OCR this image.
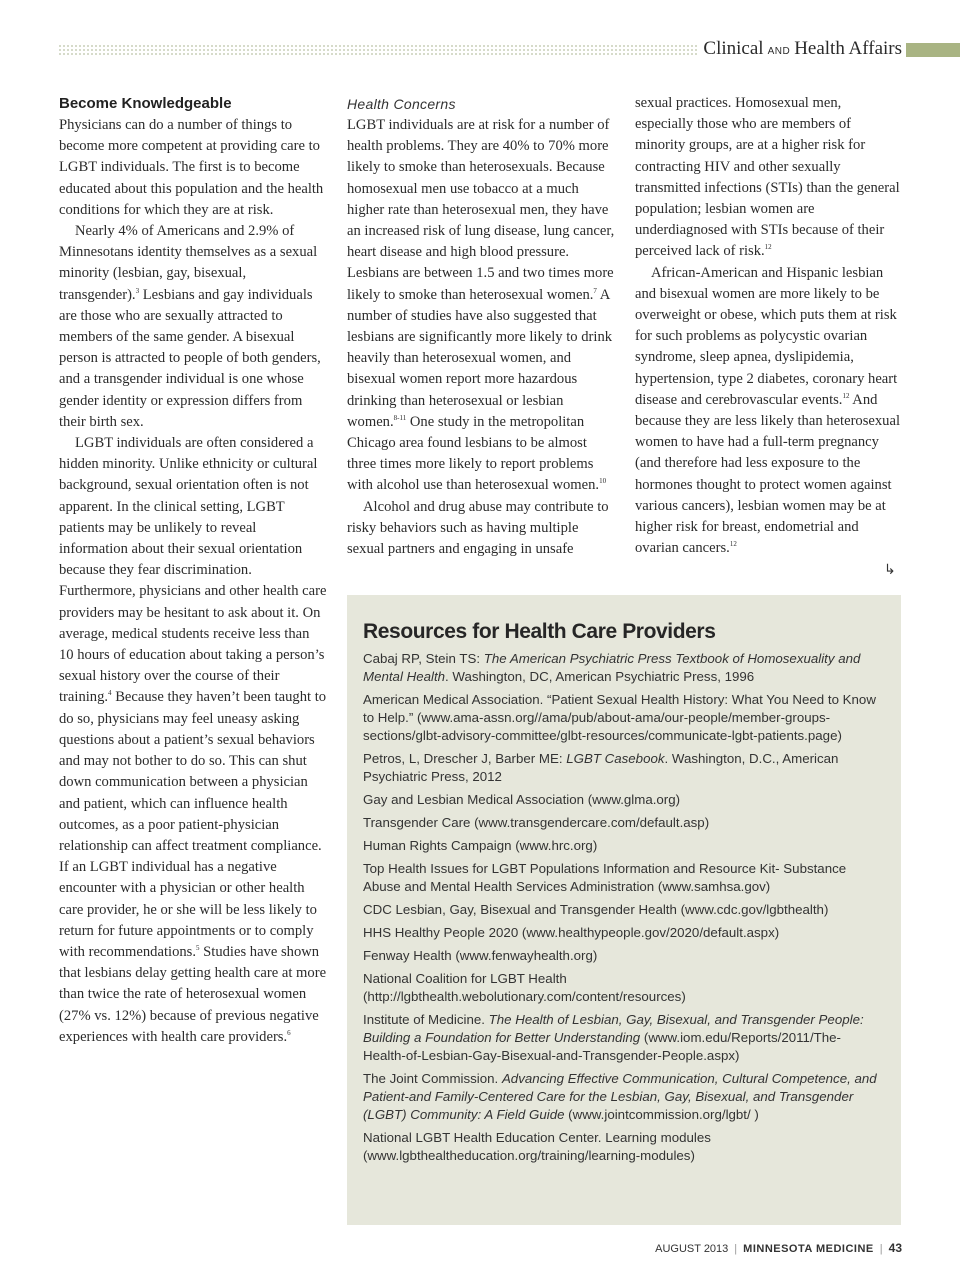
Clinical AND Health Affairs
Become Knowledgeable

Physicians can do a number of things to become more competent at providing care to LGBT individuals. The first is to become educated about this population and the health conditions for which they are at risk.

Nearly 4% of Americans and 2.9% of Minnesotans identity themselves as a sexual minority (lesbian, gay, bisexual, transgender).$^3$ Lesbians and gay individuals are those who are sexually attracted to members of the same gender. A bisexual person is attracted to people of both genders, and a transgender individual is one whose gender identity or expression differs from their birth sex.

LGBT individuals are often considered a hidden minority. Unlike ethnicity or cultural background, sexual orientation often is not apparent. In the clinical setting, LGBT patients may be unlikely to reveal information about their sexual orientation because they fear discrimination. Furthermore, physicians and other health care providers may be hesitant to ask about it. On average, medical students receive less than 10 hours of education about taking a person’s sexual history over the course of their training.$^4$ Because they haven’t been taught to do so, physicians may feel uneasy asking questions about a patient’s sexual behaviors and may not bother to do so. This can shut down communication between a physician and patient, which can influence health outcomes, as a poor patient-physician relationship can affect treatment compliance. If an LGBT individual has a negative encounter with a physician or other health care provider, he or she will be less likely to return for future appointments or to comply with recommendations.$^5$ Studies have shown that lesbians delay getting health care at more than twice the rate of heterosexual women (27% vs. 12%) because of previous negative experiences with health care providers.$^6$

Health Concerns

LGBT individuals are at risk for a number of health problems. They are 40% to 70% more likely to smoke than heterosexuals. Because homosexual men use tobacco at a much higher rate than heterosexual men, they have an increased risk of lung disease, lung cancer, heart disease and high blood pressure. Lesbians are between 1.5 and two times more likely to smoke than heterosexual women.$^7$ A number of studies have also suggested that lesbians are significantly more likely to drink heavily than heterosexual women, and bisexual women report more hazardous drinking than heterosexual or lesbian women.$^{8-11}$ One study in the metropolitan Chicago area found lesbians to be almost three times more likely to report problems with alcohol use than heterosexual women.$^{10}$

Alcohol and drug abuse may contribute to risky behaviors such as having multiple sexual partners and engaging in unsafe

sexual practices. Homosexual men, especially those who are members of minority groups, are at a higher risk for contracting HIV and other sexually transmitted infections (STIs) than the general population; lesbian women are underdiagnosed with STIs because of their perceived lack of risk.$^{12}$

African-American and Hispanic lesbian and bisexual women are more likely to be overweight or obese, which puts them at risk for such problems as polycystic ovarian syndrome, sleep apnea, dyslipidemia, hypertension, type 2 diabetes, coronary heart disease and cerebrovascular events.$^{12}$ And because they are less likely than heterosexual women to have had a full-term pregnancy (and therefore had less exposure to the hormones thought to protect women against various cancers), lesbian women may be at higher risk for breast, endometrial and ovarian cancers.$^{12}$

↳
Resources for Health Care Providers
Cabaj RP, Stein TS: The American Psychiatric Press Textbook of Homosexuality and Mental Health. Washington, DC, American Psychiatric Press, 1996
American Medical Association. “Patient Sexual Health History: What You Need to Know to Help.” (www.ama-assn.org//ama/pub/about-ama/our-people/member-groups-sections/glbt-advisory-committee/glbt-resources/communicate-lgbt-patients.page)
Petros, L, Drescher J, Barber ME: LGBT Casebook. Washington, D.C., American Psychiatric Press, 2012
Gay and Lesbian Medical Association (www.glma.org)
Transgender Care (www.transgendercare.com/default.asp)
Human Rights Campaign (www.hrc.org)
Top Health Issues for LGBT Populations Information and Resource Kit- Substance Abuse and Mental Health Services Administration (www.samhsa.gov)
CDC Lesbian, Gay, Bisexual and Transgender Health (www.cdc.gov/lgbthealth)
HHS Healthy People 2020 (www.healthypeople.gov/2020/default.aspx)
Fenway Health (www.fenwayhealth.org)
National Coalition for LGBT Health (http://lgbthealth.webolutionary.com/content/resources)
Institute of Medicine. The Health of Lesbian, Gay, Bisexual, and Transgender People: Building a Foundation for Better Understanding (www.iom.edu/Reports/2011/The-Health-of-Lesbian-Gay-Bisexual-and-Transgender-People.aspx)
The Joint Commission. Advancing Effective Communication, Cultural Competence, and Patient-and Family-Centered Care for the Lesbian, Gay, Bisexual, and Transgender (LGBT) Community: A Field Guide (www.jointcommission.org/lgbt/ )
National LGBT Health Education Center. Learning modules (www.lgbthealtheducation.org/training/learning-modules)
AUGUST 2013 | MINNESOTA MEDICINE | 43
